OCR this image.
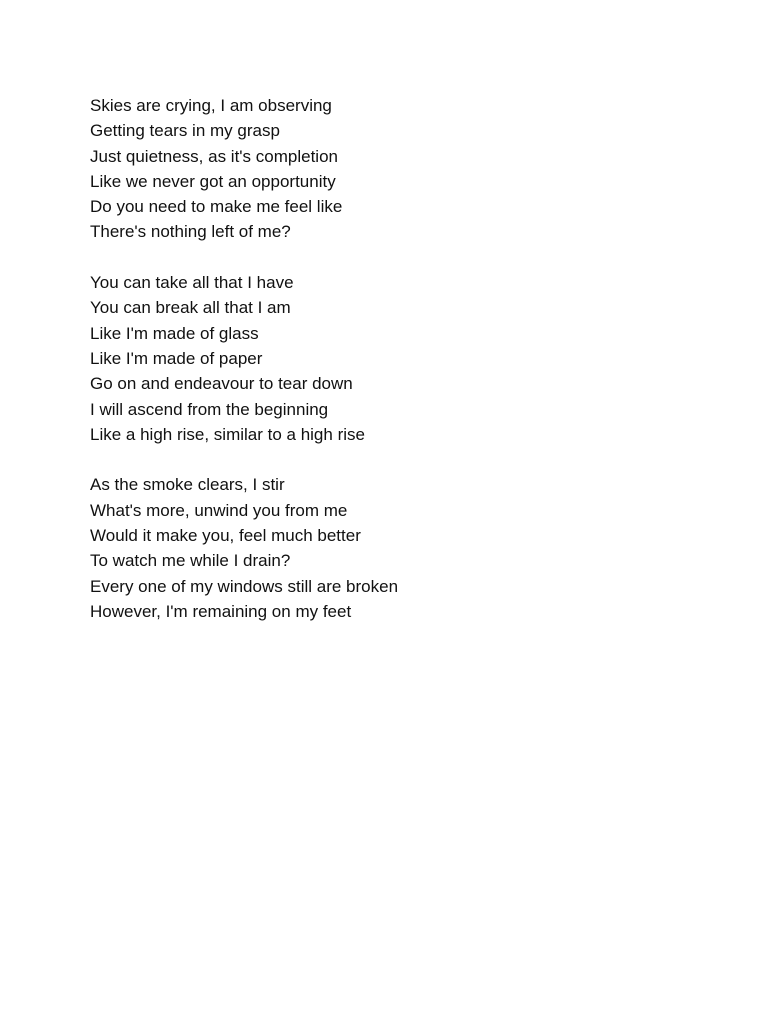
Skies are crying, I am observing
Getting tears in my grasp
Just quietness, as it's completion
Like we never got an opportunity
Do you need to make me feel like
There's nothing left of me?
You can take all that I have
You can break all that I am
Like I'm made of glass
Like I'm made of paper
Go on and endeavour to tear down
I will ascend from the beginning
Like a high rise, similar to a high rise
As the smoke clears, I stir
What's more, unwind you from me
Would it make you, feel much better
To watch me while I drain?
Every one of my windows still are broken
However, I'm remaining on my feet
